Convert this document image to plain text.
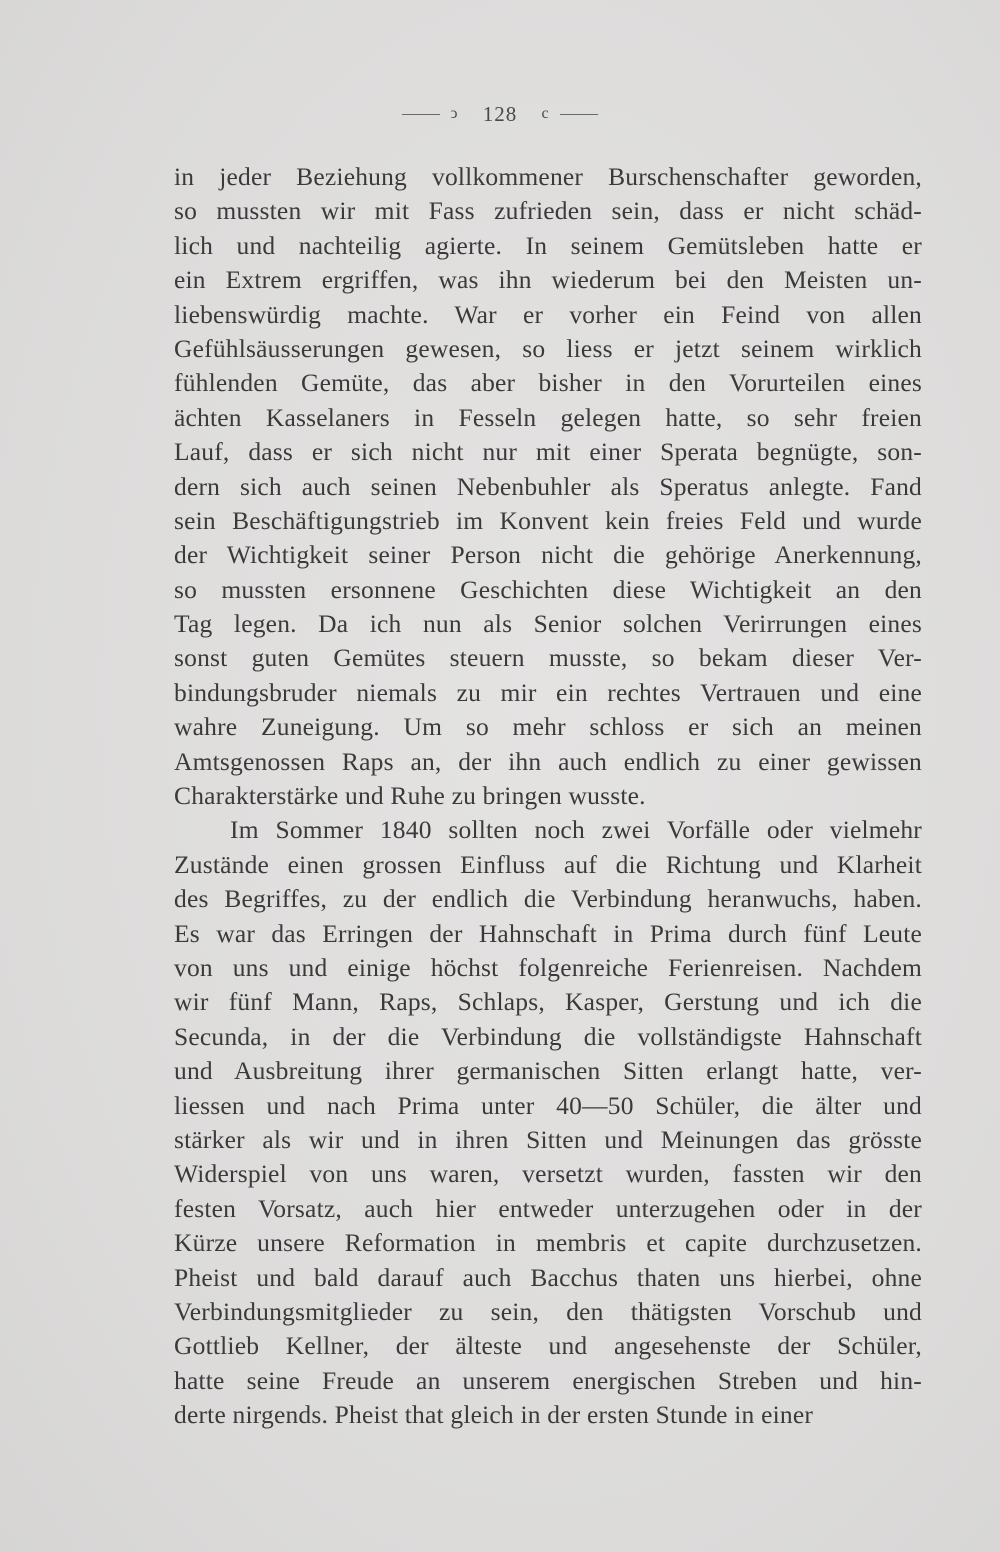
ↄ 128 c
in jeder Beziehung vollkommener Burschenschafter geworden,
so mussten wir mit Fass zufrieden sein, dass er nicht schäd-
lich und nachteilig agierte. In seinem Gemütsleben hatte er
ein Extrem ergriffen, was ihn wiederum bei den Meisten un-
liebenswürdig machte. War er vorher ein Feind von allen
Gefühlsäusserungen gewesen, so liess er jetzt seinem wirklich
fühlenden Gemüte, das aber bisher in den Vorurteilen eines
ächten Kasselaners in Fesseln gelegen hatte, so sehr freien
Lauf, dass er sich nicht nur mit einer Sperata begnügte, son-
dern sich auch seinen Nebenbuhler als Speratus anlegte. Fand
sein Beschäftigungstrieb im Konvent kein freies Feld und wurde
der Wichtigkeit seiner Person nicht die gehörige Anerkennung,
so mussten ersonnene Geschichten diese Wichtigkeit an den
Tag legen. Da ich nun als Senior solchen Verirrungen eines
sonst guten Gemütes steuern musste, so bekam dieser Ver-
bindungsbruder niemals zu mir ein rechtes Vertrauen und eine
wahre Zuneigung. Um so mehr schloss er sich an meinen
Amtsgenossen Raps an, der ihn auch endlich zu einer gewissen
Charakterstärke und Ruhe zu bringen wusste.
Im Sommer 1840 sollten noch zwei Vorfälle oder vielmehr
Zustände einen grossen Einfluss auf die Richtung und Klarheit
des Begriffes, zu der endlich die Verbindung heranwuchs, haben.
Es war das Erringen der Hahnschaft in Prima durch fünf Leute
von uns und einige höchst folgenreiche Ferienreisen. Nachdem
wir fünf Mann, Raps, Schlaps, Kasper, Gerstung und ich die
Secunda, in der die Verbindung die vollständigste Hahnschaft
und Ausbreitung ihrer germanischen Sitten erlangt hatte, ver-
liessen und nach Prima unter 40—50 Schüler, die älter und
stärker als wir und in ihren Sitten und Meinungen das grösste
Widerspiel von uns waren, versetzt wurden, fassten wir den
festen Vorsatz, auch hier entweder unterzugehen oder in der
Kürze unsere Reformation in membris et capite durchzusetzen.
Pheist und bald darauf auch Bacchus thaten uns hierbei, ohne
Verbindungsmitglieder zu sein, den thätigsten Vorschub und
Gottlieb Kellner, der älteste und angesehenste der Schüler,
hatte seine Freude an unserem energischen Streben und hin-
derte nirgends. Pheist that gleich in der ersten Stunde in einer
